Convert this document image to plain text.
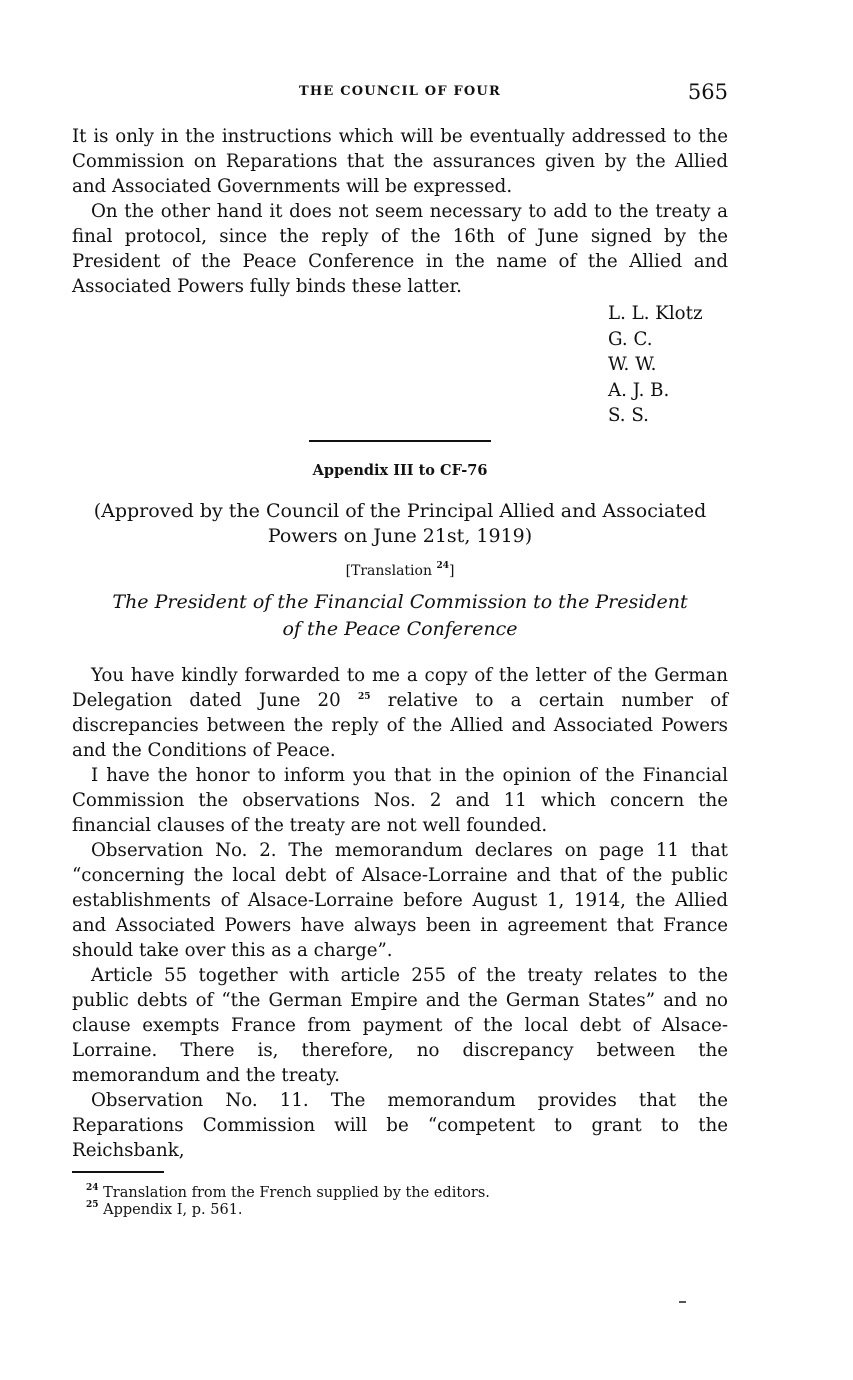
THE COUNCIL OF FOUR	565

It is only in the instructions which will be eventually addressed to the Commission on Reparations that the assurances given by the Allied and Associated Governments will be expressed.

On the other hand it does not seem necessary to add to the treaty a final protocol, since the reply of the 16th of June signed by the President of the Peace Conference in the name of the Allied and Associated Powers fully binds these latter.

L. L. Klotz
G. C.
W. W.
A. J. B.
S. S.
Appendix III to CF-76
(Approved by the Council of the Principal Allied and Associated
Powers on June 21st, 1919)
[Translation $^{24}$]
The President of the Financial Commission to the President
of the Peace Conference

You have kindly forwarded to me a copy of the letter of the German Delegation dated June 20 $^{25}$ relative to a certain number of discrepancies between the reply of the Allied and Associated Powers and the Conditions of Peace.

I have the honor to inform you that in the opinion of the Financial Commission the observations Nos. 2 and 11 which concern the financial clauses of the treaty are not well founded.

Observation No. 2. The memorandum declares on page 11 that “concerning the local debt of Alsace-Lorraine and that of the public establishments of Alsace-Lorraine before August 1, 1914, the Allied and Associated Powers have always been in agreement that France should take over this as a charge”.

Article 55 together with article 255 of the treaty relates to the public debts of “the German Empire and the German States” and no clause exempts France from payment of the local debt of Alsace-Lorraine. There is, therefore, no discrepancy between the memorandum and the treaty.

Observation No. 11. The memorandum provides that the Reparations Commission will be “competent to grant to the Reichsbank,

$^{24}$ Translation from the French supplied by the editors.
$^{25}$ Appendix I, p. 561.
